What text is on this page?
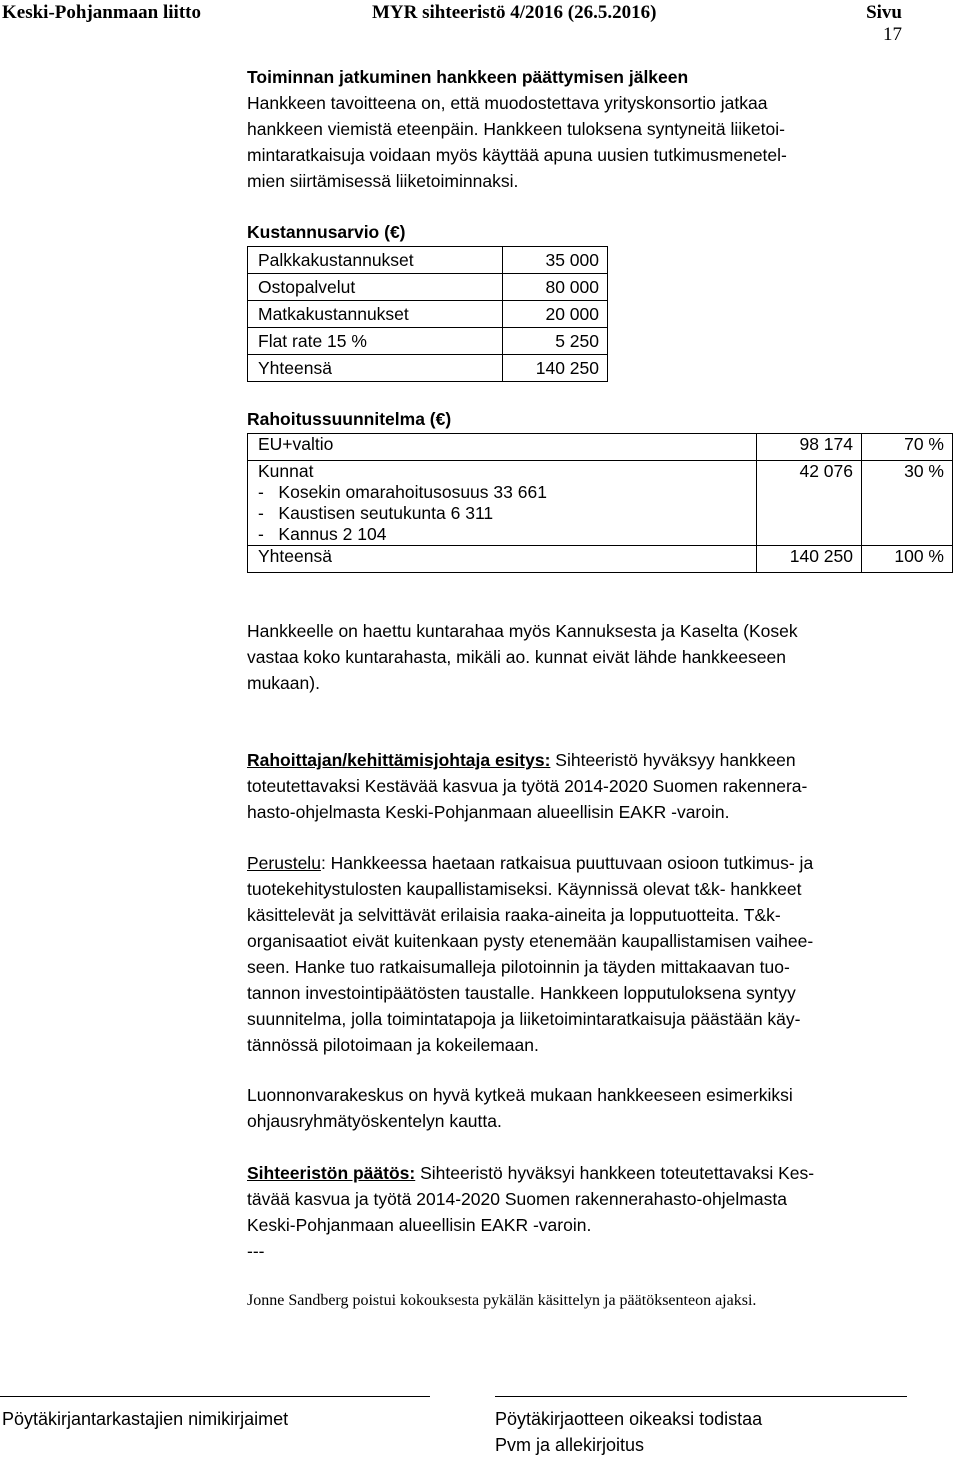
Keski-Pohjanmaan liitto	MYR sihteeristö 4/2016 (26.5.2016)	Sivu
17
Toiminnan jatkuminen hankkeen päättymisen jälkeen
Hankkeen tavoitteena on, että muodostettava yrityskonsortio jatkaa
hankkeen viemistä eteenpäin. Hankkeen tuloksena syntyneitä liiketoi-
mintaratkaisuja voidaan myös käyttää apuna uusien tutkimusmenetel-
mien siirtämisessä liiketoiminnaksi.
Kustannusarvio (€)
Palkkakustannukset	35 000
Ostopalvelut	80 000
Matkakustannukset	20 000
Flat rate 15 %	5 250
Yhteensä	140 250
Rahoitussuunnitelma (€)
EU+valtio	98 174	70 %

Kunnat
-   Kosekin omarahoitusosuus 33 661
-   Kaustisen seutukunta 6 311
-   Kannus 2 104	42 076	30 %
Yhteensä	140 250	100 %
Hankkeelle on haettu kuntarahaa myös Kannuksesta ja Kaselta (Kosek
vastaa koko kuntarahasta, mikäli ao. kunnat eivät lähde hankkeeseen
mukaan).
Rahoittajan/kehittämisjohtaja esitys: Sihteeristö hyväksyy hankkeen
toteutettavaksi Kestävää kasvua ja työtä 2014-2020 Suomen rakennera-
hasto-ohjelmasta Keski-Pohjanmaan alueellisin EAKR -varoin.
Perustelu: Hankkeessa haetaan ratkaisua puuttuvaan osioon tutkimus- ja
tuotekehitystulosten kaupallistamiseksi. Käynnissä olevat t&k- hankkeet
käsittelevät ja selvittävät erilaisia raaka-aineita ja lopputuotteita. T&k-
organisaatiot eivät kuitenkaan pysty etenemään kaupallistamisen vaihee-
seen. Hanke tuo ratkaisumalleja pilotoinnin ja täyden mittakaavan tuo-
tannon investointipäätösten taustalle. Hankkeen lopputuloksena syntyy
suunnitelma, jolla toimintatapoja ja liiketoimintaratkaisuja päästään käy-
tännössä pilotoimaan ja kokeilemaan.
Luonnonvarakeskus on hyvä kytkeä mukaan hankkeeseen esimerkiksi
ohjausryhmätyöskentelyn kautta.
Sihteeristön päätös: Sihteeristö hyväksyi hankkeen toteutettavaksi Kes-
tävää kasvua ja työtä 2014-2020 Suomen rakennerahasto-ohjelmasta
Keski-Pohjanmaan alueellisin EAKR -varoin.
---
Jonne Sandberg poistui kokouksesta pykälän käsittelyn ja päätöksenteon ajaksi.
Pöytäkirjantarkastajien nimikirjaimet	Pöytäkirjaotteen oikeaksi todistaa
Pvm ja allekirjoitus
